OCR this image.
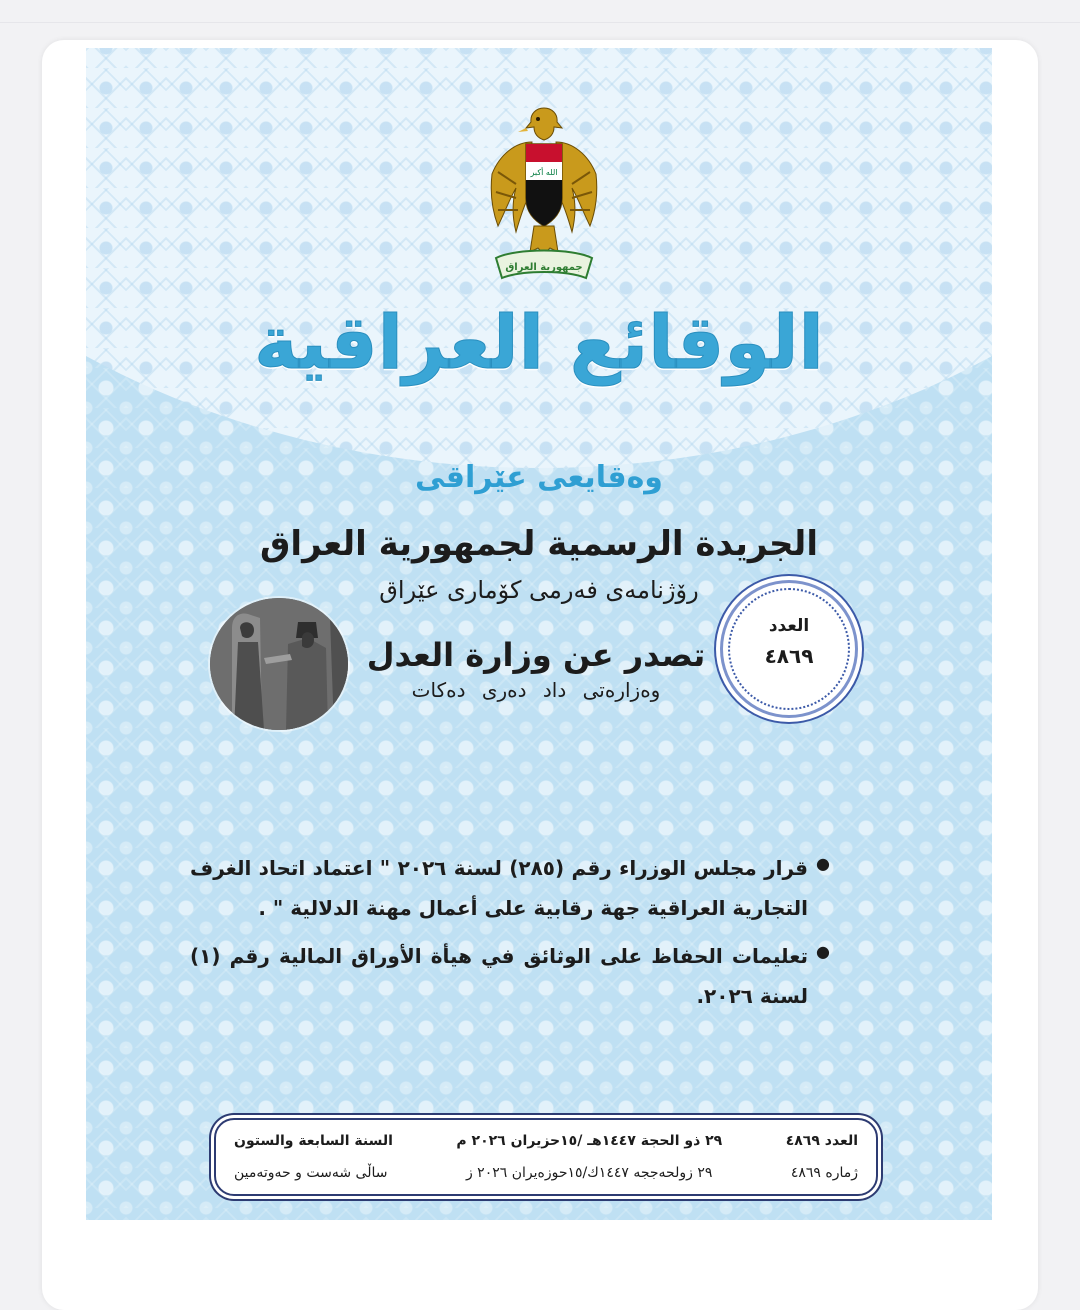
الله أكبر
جمهورية العراق
الوقائع العراقية
وەقایعی عێراقی
الجريدة الرسمية لجمهورية العراق
رۆژنامەی فەرمی کۆماری عێراق
تصدر عن وزارة العدل
وەزارەتی داد دەری دەکات
العدد
٤٨٦٩
● قرار مجلس الوزراء رقم (٢٨٥) لسنة ٢٠٢٦ " اعتماد اتحاد الغرف التجارية العراقية جهة رقابية على أعمال مهنة الدلالية " .
● تعليمات الحفاظ على الوثائق في هيأة الأوراق المالية رقم (١) لسنة ٢٠٢٦.
العدد ٤٨٦٩
٢٩ ذو الحجة ١٤٤٧هـ /١٥حزيران ٢٠٢٦ م
السنة السابعة والستون
ژمارە ٤٨٦٩
٢٩ زولحەججە ١٤٤٧ك/١٥حوزەیران ٢٠٢٦ ز
ساڵی شەست و حەوتەمین
